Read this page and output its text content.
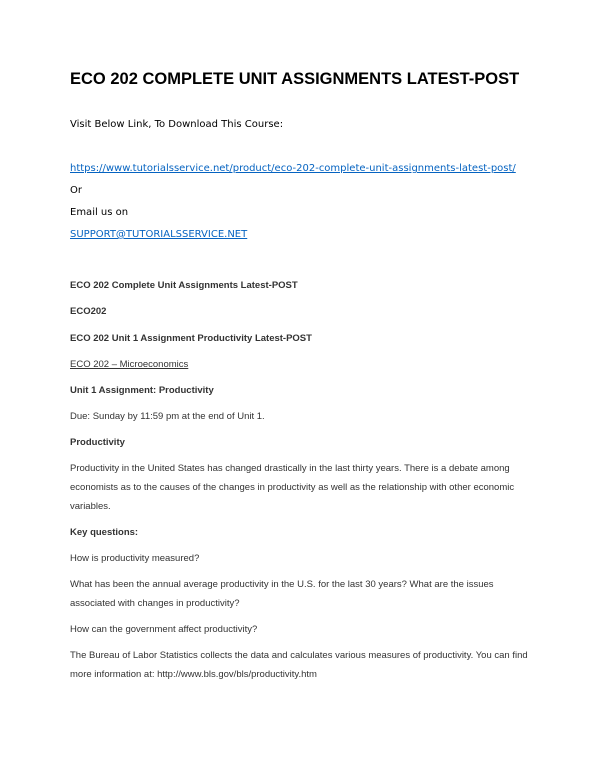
ECO 202 COMPLETE UNIT ASSIGNMENTS LATEST-POST
Visit Below Link, To Download This Course:
https://www.tutorialsservice.net/product/eco-202-complete-unit-assignments-latest-post/
Or
Email us on
SUPPORT@TUTORIALSSERVICE.NET
ECO 202 Complete Unit Assignments Latest-POST
ECO202
ECO 202 Unit 1 Assignment Productivity Latest-POST
ECO 202 – Microeconomics
Unit 1 Assignment: Productivity
Due: Sunday by 11:59 pm at the end of Unit 1.
Productivity
Productivity in the United States has changed drastically in the last thirty years. There is a debate among economists as to the causes of the changes in productivity as well as the relationship with other economic variables.
Key questions:
How is productivity measured?
What has been the annual average productivity in the U.S. for the last 30 years? What are the issues associated with changes in productivity?
How can the government affect productivity?
The Bureau of Labor Statistics collects the data and calculates various measures of productivity. You can find more information at: http://www.bls.gov/bls/productivity.htm
